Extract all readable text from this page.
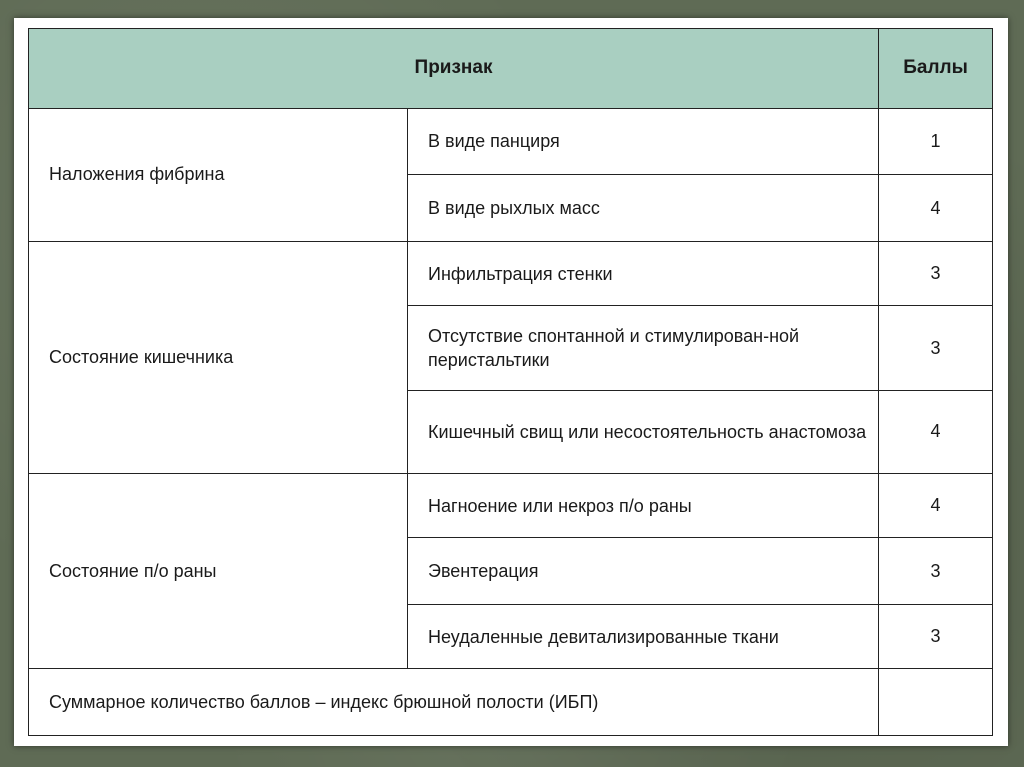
Признак		Баллы
Наложения фибрина	В виде панциря	1
	В виде рыхлых масс	4
Состояние кишечника	Инфильтрация стенки	3
	Отсутствие спонтанной и стимулирован-ной перистальтики	3
	Кишечный свищ или несостоятельность анастомоза	4
Состояние п/о раны	Нагноение или некроз п/о раны	4
	Эвентерация	3
	Неудаленные девитализированные ткани	3
Суммарное количество баллов – индекс брюшной полости (ИБП)		
